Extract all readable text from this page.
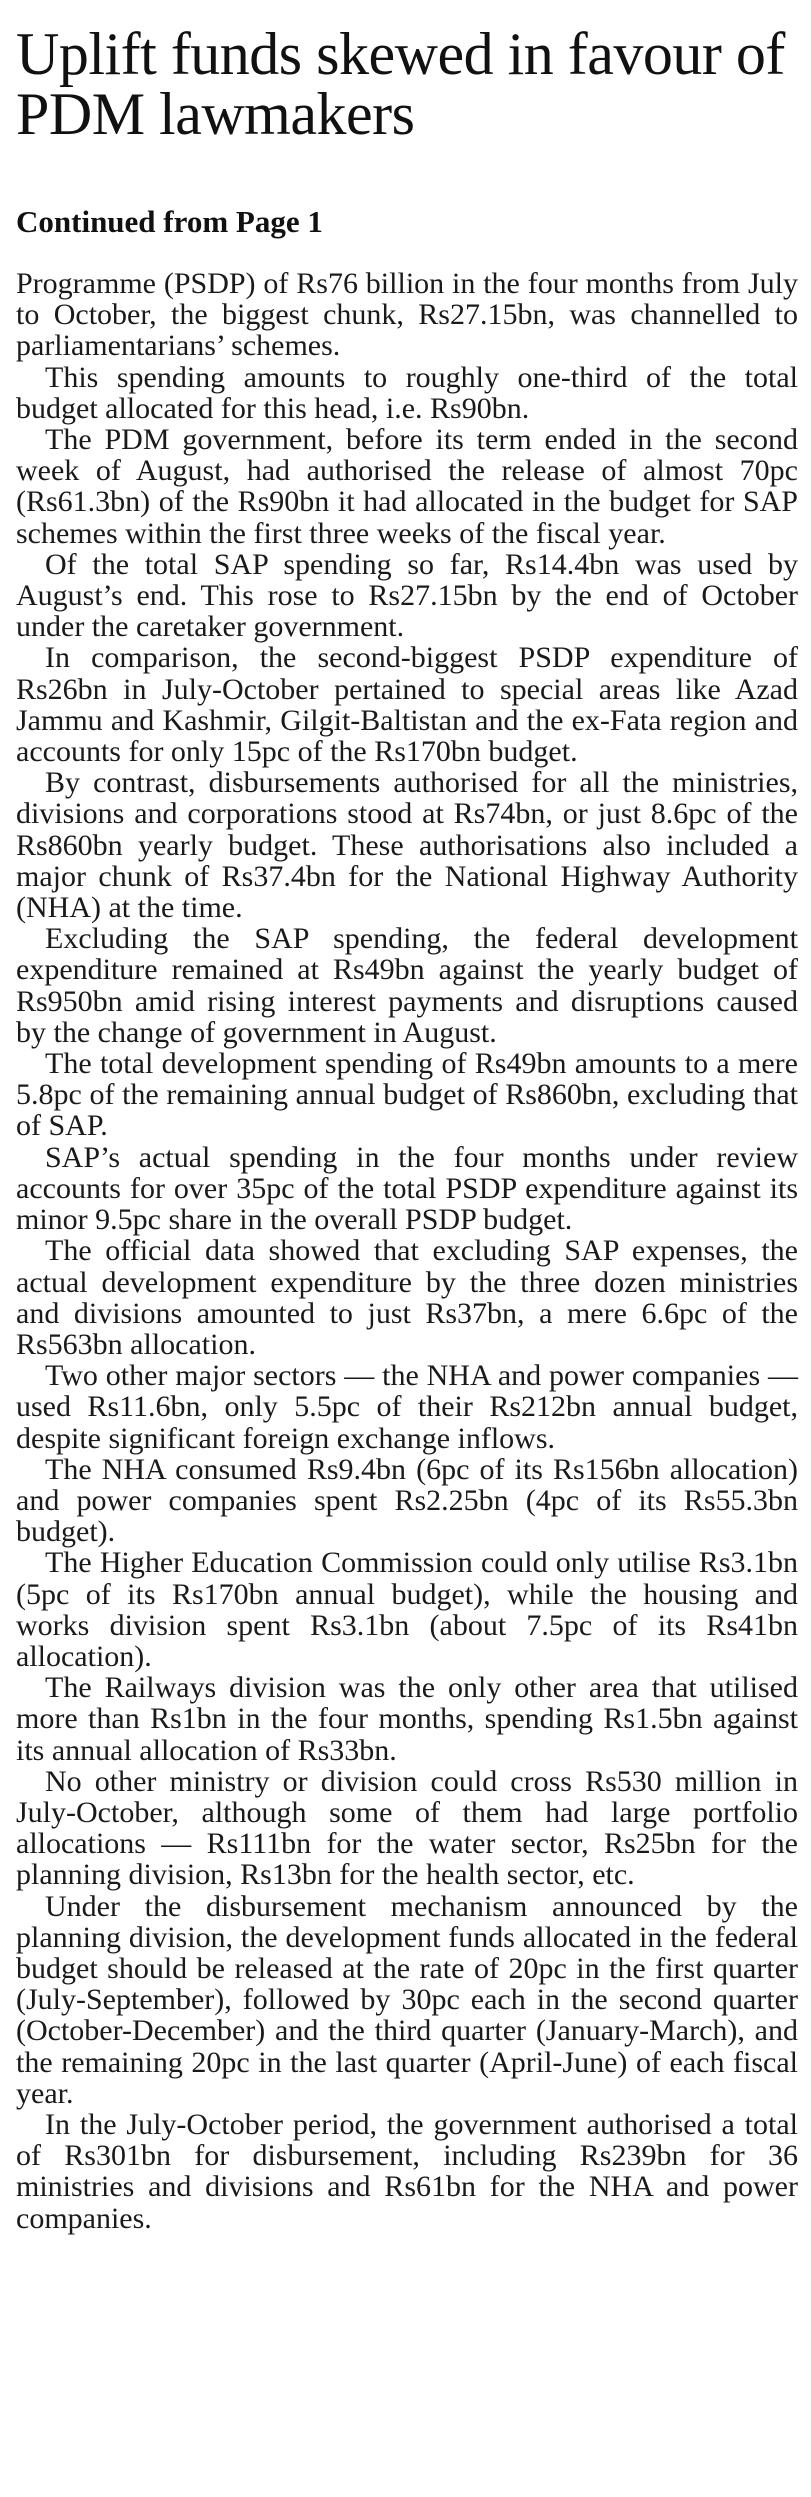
Uplift funds skewed in favour of PDM lawmakers
Continued from Page 1

Programme (PSDP) of Rs76 billion in the four months from July to October, the biggest chunk, Rs27.15bn, was channelled to parliamentarians’ schemes.

This spending amounts to roughly one-third of the total budget allocated for this head, i.e. Rs90bn.

The PDM government, before its term ended in the second week of August, had authorised the release of almost 70pc (Rs61.3bn) of the Rs90bn it had allocated in the budget for SAP schemes within the first three weeks of the fiscal year.

Of the total SAP spending so far, Rs14.4bn was used by August’s end. This rose to Rs27.15bn by the end of October under the caretaker government.

In comparison, the second-biggest PSDP expenditure of Rs26bn in July-October pertained to special areas like Azad Jammu and Kashmir, Gilgit-Baltistan and the ex-Fata region and accounts for only 15pc of the Rs170bn budget.

By contrast, disbursements authorised for all the ministries, divisions and corporations stood at Rs74bn, or just 8.6pc of the Rs860bn yearly budget. These authorisations also included a major chunk of Rs37.4bn for the National Highway Authority (NHA) at the time.

Excluding the SAP spending, the federal development expenditure remained at Rs49bn against the yearly budget of Rs950bn amid rising interest payments and disruptions caused by the change of government in August.

The total development spending of Rs49bn amounts to a mere 5.8pc of the remaining annual budget of Rs860bn, excluding that of SAP.

SAP’s actual spending in the four months under review accounts for over 35pc of the total PSDP expenditure against its minor 9.5pc share in the overall PSDP budget.

The official data showed that excluding SAP expenses, the actual development expenditure by the three dozen ministries and divisions amounted to just Rs37bn, a mere 6.6pc of the Rs563bn allocation.

Two other major sectors — the NHA and power companies — used Rs11.6bn, only 5.5pc of their Rs212bn annual budget, despite significant foreign exchange inflows.

The NHA consumed Rs9.4bn (6pc of its Rs156bn allocation) and power companies spent Rs2.25bn (4pc of its Rs55.3bn budget).

The Higher Education Commission could only utilise Rs3.1bn (5pc of its Rs170bn annual budget), while the housing and works division spent Rs3.1bn (about 7.5pc of its Rs41bn allocation).

The Railways division was the only other area that utilised more than Rs1bn in the four months, spending Rs1.5bn against its annual allocation of Rs33bn.

No other ministry or division could cross Rs530 million in July-October, although some of them had large portfolio allocations — Rs111bn for the water sector, Rs25bn for the planning division, Rs13bn for the health sector, etc.

Under the disbursement mechanism announced by the planning division, the development funds allocated in the federal budget should be released at the rate of 20pc in the first quarter (July-September), followed by 30pc each in the second quarter (October-December) and the third quarter (January-March), and the remaining 20pc in the last quarter (April-June) of each fiscal year.

In the July-October period, the government authorised a total of Rs301bn for disbursement, including Rs239bn for 36 ministries and divisions and Rs61bn for the NHA and power companies.
